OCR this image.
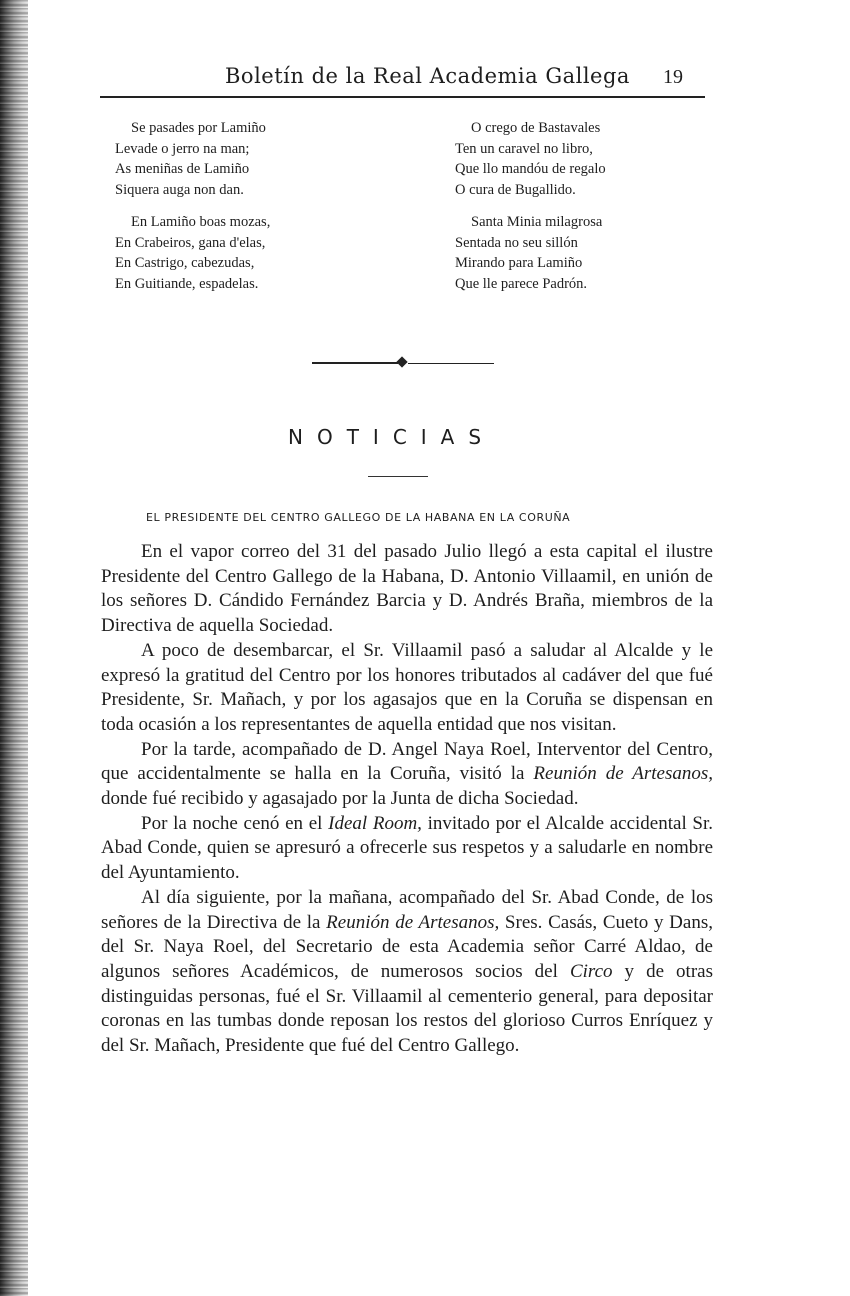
Boletín de la Real Academia Gallega 19
Se pasades por Lamiño
Levade o jerro na man;
As meniñas de Lamiño
Siquera auga non dan.
En Lamiño boas mozas,
En Crabeiros, gana d'elas,
En Castrigo, cabezudas,
En Guitiande, espadelas.
O crego de Bastavales
Ten un caravel no libro,
Que llo mandóu de regalo
O cura de Bugallido.
Santa Minia milagrosa
Sentada no seu sillón
Mirando para Lamiño
Que lle parece Padrón.
NOTICIAS
EL PRESIDENTE DEL CENTRO GALLEGO DE LA HABANA EN LA CORUÑA

En el vapor correo del 31 del pasado Julio llegó a esta capital el ilustre Presidente del Centro Gallego de la Habana, D. Antonio Villaamil, en unión de los señores D. Cándido Fernández Barcia y D. Andrés Braña, miembros de la Directiva de aquella Sociedad.

A poco de desembarcar, el Sr. Villaamil pasó a saludar al Alcalde y le expresó la gratitud del Centro por los honores tributados al cadáver del que fué Presidente, Sr. Mañach, y por los agasajos que en la Coruña se dispensan en toda ocasión a los representantes de aquella entidad que nos visitan.

Por la tarde, acompañado de D. Angel Naya Roel, Interventor del Centro, que accidentalmente se halla en la Coruña, visitó la Reunión de Artesanos, donde fué recibido y agasajado por la Junta de dicha Sociedad.

Por la noche cenó en el Ideal Room, invitado por el Alcalde accidental Sr. Abad Conde, quien se apresuró a ofrecerle sus respetos y a saludarle en nombre del Ayuntamiento.

Al día siguiente, por la mañana, acompañado del Sr. Abad Conde, de los señores de la Directiva de la Reunión de Artesanos, Sres. Casás, Cueto y Dans, del Sr. Naya Roel, del Secretario de esta Academia señor Carré Aldao, de algunos señores Académicos, de numerosos socios del Circo y de otras distinguidas personas, fué el Sr. Villaamil al cementerio general, para depositar coronas en las tumbas donde reposan los restos del glorioso Curros Enríquez y del Sr. Mañach, Presidente que fué del Centro Gallego.
